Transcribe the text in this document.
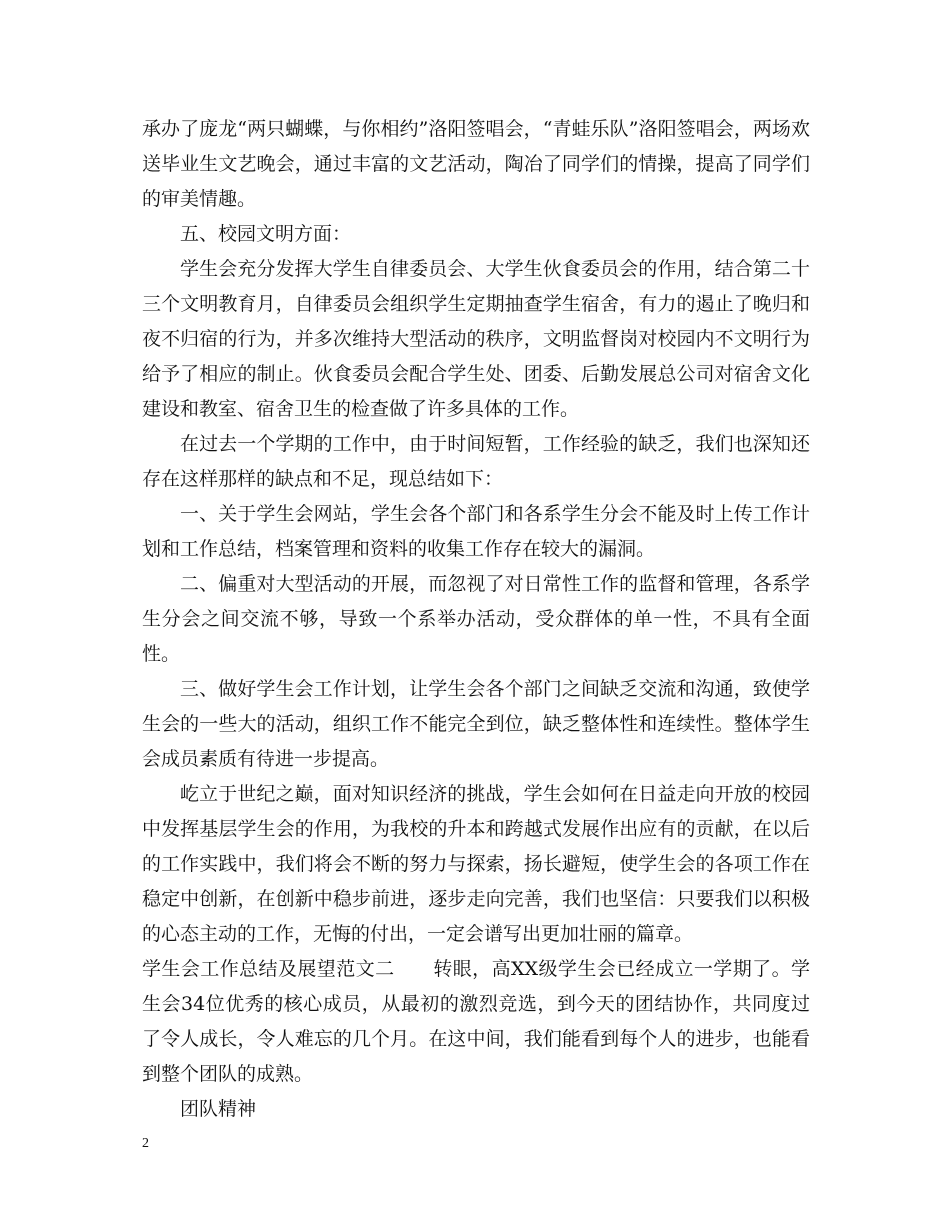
承办了庞龙“两只蝴蝶，与你相约”洛阳签唱会，“青蛙乐队”洛阳签唱会，两场欢送毕业生文艺晚会，通过丰富的文艺活动，陶冶了同学们的情操，提高了同学们的审美情趣。

五、校园文明方面：

学生会充分发挥大学生自律委员会、大学生伙食委员会的作用，结合第二十三个文明教育月，自律委员会组织学生定期抽查学生宿舍，有力的遏止了晚归和夜不归宿的行为，并多次维持大型活动的秩序，文明监督岗对校园内不文明行为给予了相应的制止。伙食委员会配合学生处、团委、后勤发展总公司对宿舍文化建设和教室、宿舍卫生的检查做了许多具体的工作。

在过去一个学期的工作中，由于时间短暂，工作经验的缺乏，我们也深知还存在这样那样的缺点和不足，现总结如下：

一、关于学生会网站，学生会各个部门和各系学生分会不能及时上传工作计划和工作总结，档案管理和资料的收集工作存在较大的漏洞。

二、偏重对大型活动的开展，而忽视了对日常性工作的监督和管理，各系学生分会之间交流不够，导致一个系举办活动，受众群体的单一性，不具有全面性。

三、做好学生会工作计划，让学生会各个部门之间缺乏交流和沟通，致使学生会的一些大的活动，组织工作不能完全到位，缺乏整体性和连续性。整体学生会成员素质有待进一步提高。

屹立于世纪之巅，面对知识经济的挑战，学生会如何在日益走向开放的校园中发挥基层学生会的作用，为我校的升本和跨越式发展作出应有的贡献，在以后的工作实践中，我们将会不断的努力与探索，扬长避短，使学生会的各项工作在稳定中创新，在创新中稳步前进，逐步走向完善，我们也坚信：只要我们以积极的心态主动的工作，无悔的付出，一定会谱写出更加壮丽的篇章。

学生会工作总结及展望范文二　　转眼，高XX级学生会已经成立一学期了。学生会34位优秀的核心成员，从最初的激烈竞选，到今天的团结协作，共同度过了令人成长，令人难忘的几个月。在这中间，我们能看到每个人的进步，也能看到整个团队的成熟。

团队精神

2
